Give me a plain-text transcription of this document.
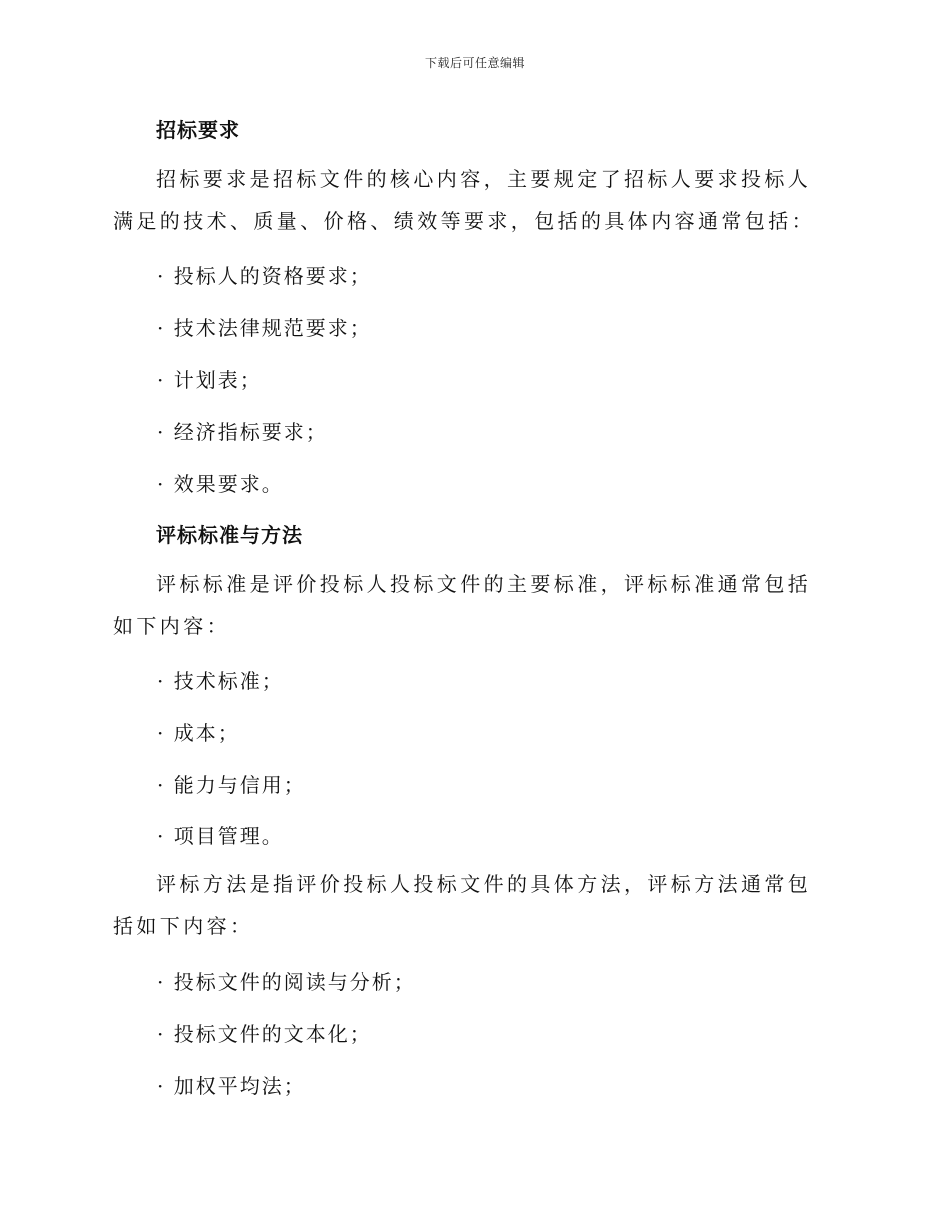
下载后可任意编辑
招标要求
招标要求是招标文件的核心内容，主要规定了招标人要求投标人满足的技术、质量、价格、绩效等要求，包括的具体内容通常包括：
· 投标人的资格要求；
· 技术法律规范要求；
· 计划表；
· 经济指标要求；
· 效果要求。
评标标准与方法
评标标准是评价投标人投标文件的主要标准，评标标准通常包括如下内容：
· 技术标准；
· 成本；
· 能力与信用；
· 项目管理。
评标方法是指评价投标人投标文件的具体方法，评标方法通常包括如下内容：
· 投标文件的阅读与分析；
· 投标文件的文本化；
· 加权平均法；
